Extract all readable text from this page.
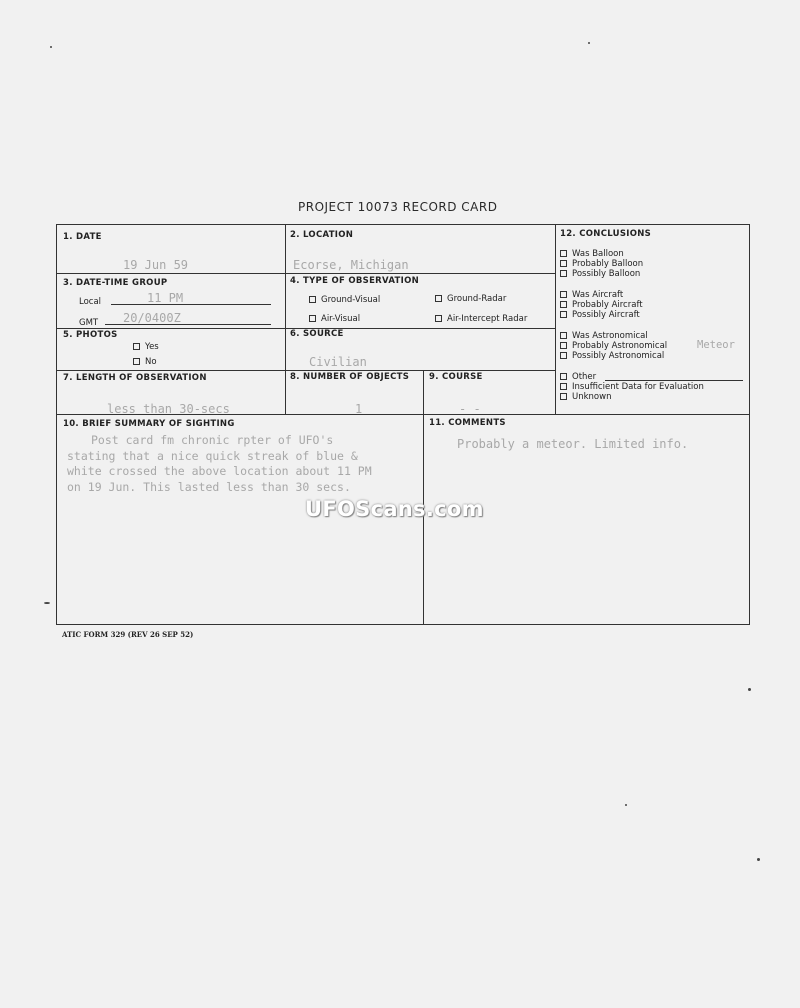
PROJECT 10073 RECORD CARD
1. DATE
19 Jun 59
2. LOCATION
Ecorse, Michigan
3. DATE-TIME GROUP
Local	11 PM
GMT 20/0400Z
4. TYPE OF OBSERVATION
Ground-Visual	Ground-Radar
Air-Visual	Air-Intercept Radar
5. PHOTOS
Yes
No
6. SOURCE
Civilian
7. LENGTH OF OBSERVATION
less than 30-secs
8. NUMBER OF OBJECTS
1
9. COURSE
- -
10. BRIEF SUMMARY OF SIGHTING
Post card fm chronic rpter of UFO's
stating that a nice quick streak of blue &
white crossed the above location about 11 PM
on 19 Jun. This lasted less than 30 secs.
11. COMMENTS
Probably a meteor. Limited info.
12. CONCLUSIONS
Was Balloon
Probably Balloon
Possibly Balloon
Was Aircraft
Probably Aircraft
Possibly Aircraft
Was Astronomical
Probably Astronomical
Possibly Astronomical
Meteor
Other
Insufficient Data for Evaluation
Unknown
UFOScans.com
ATIC FORM 329 (REV 26 SEP 52)
